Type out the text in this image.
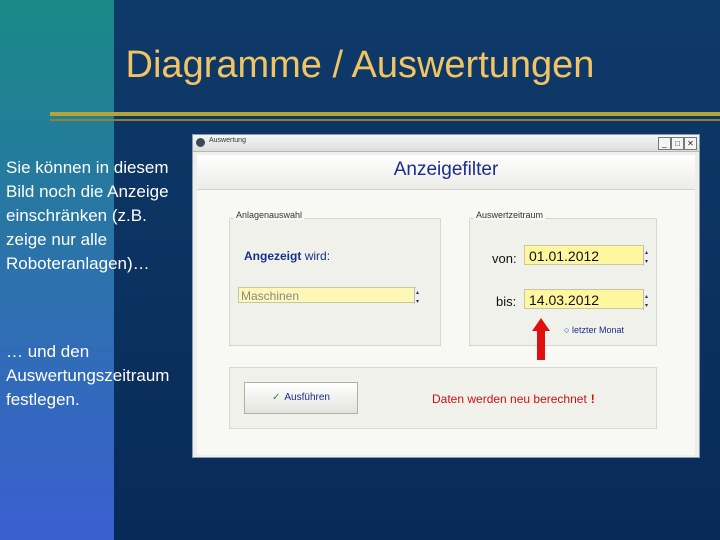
Diagramme / Auswertungen
Sie können in diesem Bild noch die Anzeige einschränken (z.B. zeige nur alle Roboteranlagen)…
… und den Auswertungszeitraum festlegen.
Auswertung	_	□ ✕
Anzeigefilter
Anlagenauswahl
Angezeigt wird:
Maschinen
▴ ▾
Auswertzeitraum
von: 01.01.2012
▴ ▾
bis: 14.03.2012
▴ ▾
○ letzter Monat
✓ Ausführen	Daten werden neu berechnet !
